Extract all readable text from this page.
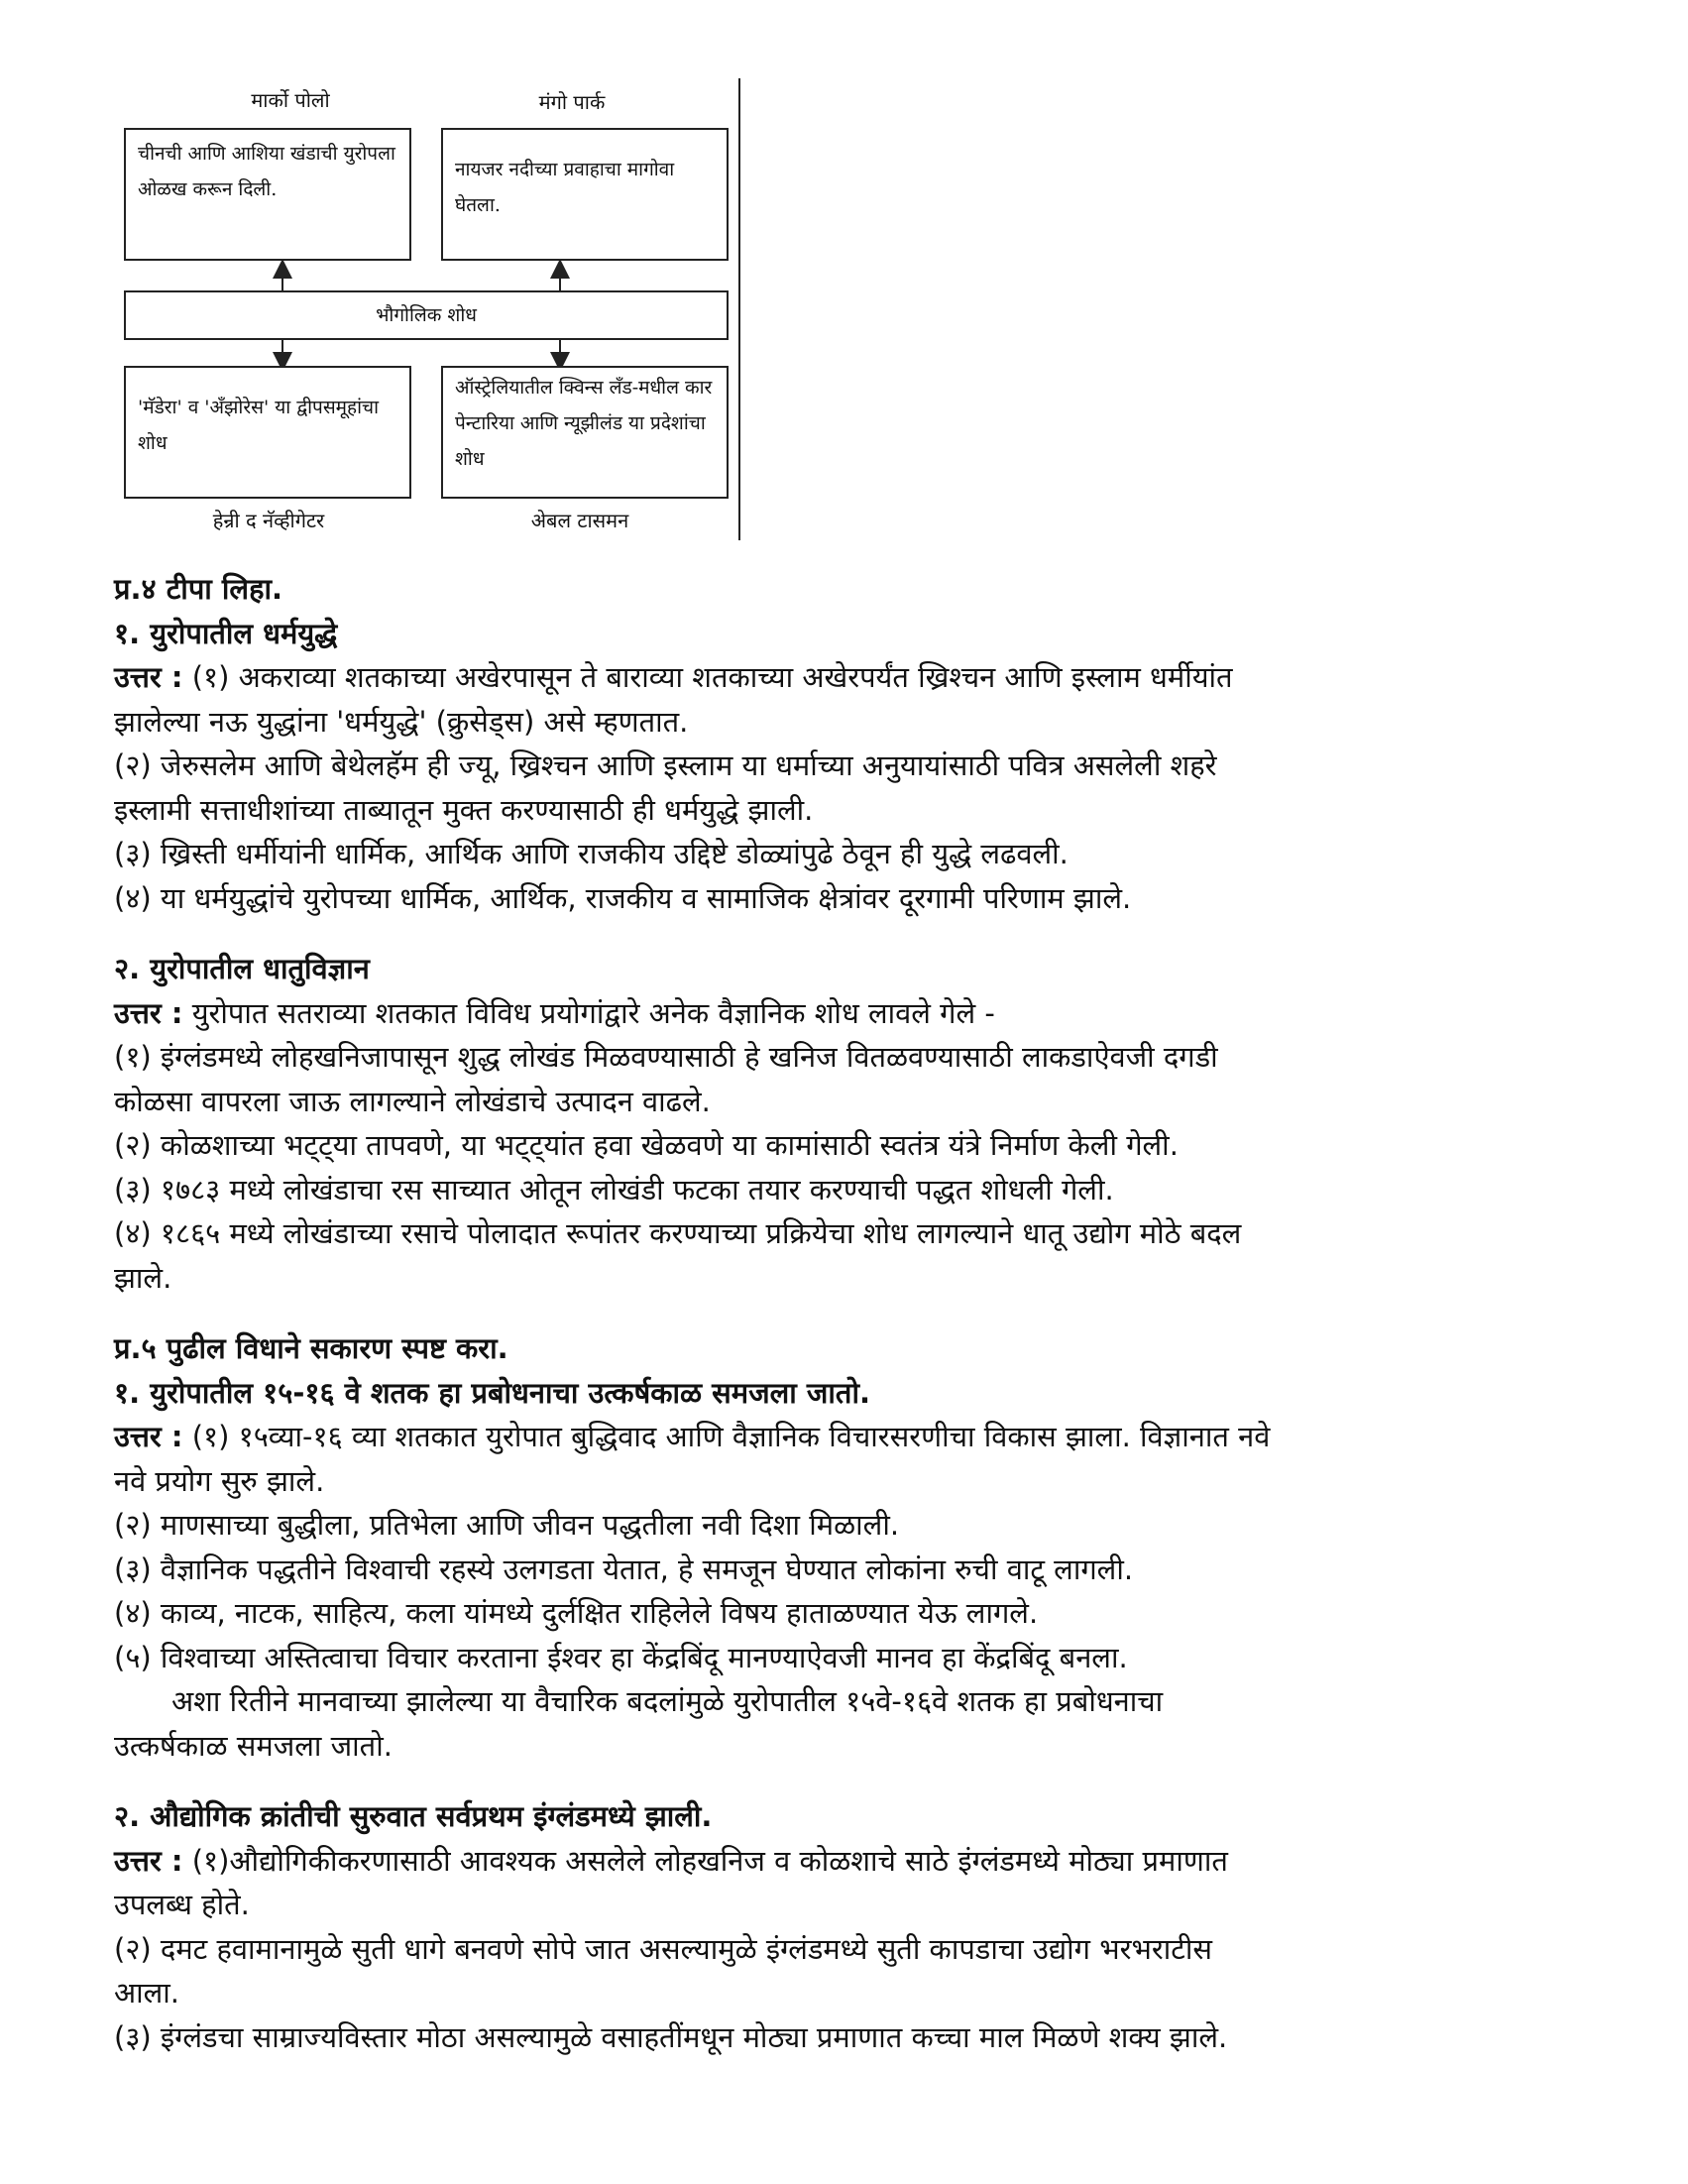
मार्को पोलो	मंगो पार्क
चीनची आणि आशिया खंडाची युरोपला ओळख करून दिली.
नायजर नदीच्या प्रवाहाचा मागोवा घेतला.
भौगोलिक शोध
'मॅडेरा' व 'अँझोरेस' या द्वीपसमूहांचा शोध
ऑस्ट्रेलियातील क्विन्स लँड-मधील कार पेन्टारिया आणि न्यूझीलंड या प्रदेशांचा शोध
हेन्री द नॅव्हीगेटर	अेबल टासमन

प्र.४ टीपा लिहा.

१. युरोपातील धर्मयुद्धे

उत्तर : (१) अकराव्या शतकाच्या अखेरपासून ते बाराव्या शतकाच्या अखेरपर्यंत ख्रिश्चन आणि इस्लाम धर्मीयांत

झालेल्या नऊ युद्धांना 'धर्मयुद्धे' (क्रुसेड्स) असे म्हणतात.

(२) जेरुसलेम आणि बेथेलहॅम ही ज्यू, ख्रिश्चन आणि इस्लाम या धर्माच्या अनुयायांसाठी पवित्र असलेली शहरे

इस्लामी सत्ताधीशांच्या ताब्यातून मुक्त करण्यासाठी ही धर्मयुद्धे झाली.

(३) ख्रिस्ती धर्मीयांनी धार्मिक, आर्थिक आणि राजकीय उद्दिष्टे डोळ्यांपुढे ठेवून ही युद्धे लढवली.

(४) या धर्मयुद्धांचे युरोपच्या धार्मिक, आर्थिक, राजकीय व सामाजिक क्षेत्रांवर दूरगामी परिणाम झाले.

२. युरोपातील धातुविज्ञान

उत्तर : युरोपात सतराव्या शतकात विविध प्रयोगांद्वारे अनेक वैज्ञानिक शोध लावले गेले -

(१) इंग्लंडमध्ये लोहखनिजापासून शुद्ध लोखंड मिळवण्यासाठी हे खनिज वितळवण्यासाठी लाकडाऐवजी दगडी

कोळसा वापरला जाऊ लागल्याने लोखंडाचे उत्पादन वाढले.

(२) कोळशाच्या भट्ट्या तापवणे, या भट्ट्यांत हवा खेळवणे या कामांसाठी स्वतंत्र यंत्रे निर्माण केली गेली.

(३) १७८३ मध्ये लोखंडाचा रस साच्यात ओतून लोखंडी फटका तयार करण्याची पद्धत शोधली गेली.

(४) १८६५ मध्ये लोखंडाच्या रसाचे पोलादात रूपांतर करण्याच्या प्रक्रियेचा शोध लागल्याने धातू उद्योग मोठे बदल

झाले.

प्र.५ पुढील विधाने सकारण स्पष्ट करा.

१. युरोपातील १५-१६ वे शतक हा प्रबोधनाचा उत्कर्षकाळ समजला जातो.

उत्तर : (१) १५व्या-१६ व्या शतकात युरोपात बुद्धिवाद आणि वैज्ञानिक विचारसरणीचा विकास झाला. विज्ञानात नवे

नवे प्रयोग सुरु झाले.

(२) माणसाच्या बुद्धीला, प्रतिभेला आणि जीवन पद्धतीला नवी दिशा मिळाली.

(३) वैज्ञानिक पद्धतीने विश्वाची रहस्ये उलगडता येतात, हे समजून घेण्यात लोकांना रुची वाटू लागली.

(४) काव्य, नाटक, साहित्य, कला यांमध्ये दुर्लक्षित राहिलेले विषय हाताळण्यात येऊ लागले.

(५) विश्वाच्या अस्तित्वाचा विचार करताना ईश्वर हा केंद्रबिंदू मानण्याऐवजी मानव हा केंद्रबिंदू बनला.

अशा रितीने मानवाच्या झालेल्या या वैचारिक बदलांमुळे युरोपातील १५वे-१६वे शतक हा प्रबोधनाचा

उत्कर्षकाळ समजला जातो.

२. औद्योगिक क्रांतीची सुरुवात सर्वप्रथम इंग्लंडमध्ये झाली.

उत्तर : (१)औद्योगिकीकरणासाठी आवश्यक असलेले लोहखनिज व कोळशाचे साठे इंग्लंडमध्ये मोठ्या प्रमाणात

उपलब्ध होते.

(२) दमट हवामानामुळे सुती धागे बनवणे सोपे जात असल्यामुळे इंग्लंडमध्ये सुती कापडाचा उद्योग भरभराटीस

आला.

(३) इंग्लंडचा साम्राज्यविस्तार मोठा असल्यामुळे वसाहतींमधून मोठ्या प्रमाणात कच्चा माल मिळणे शक्य झाले.
